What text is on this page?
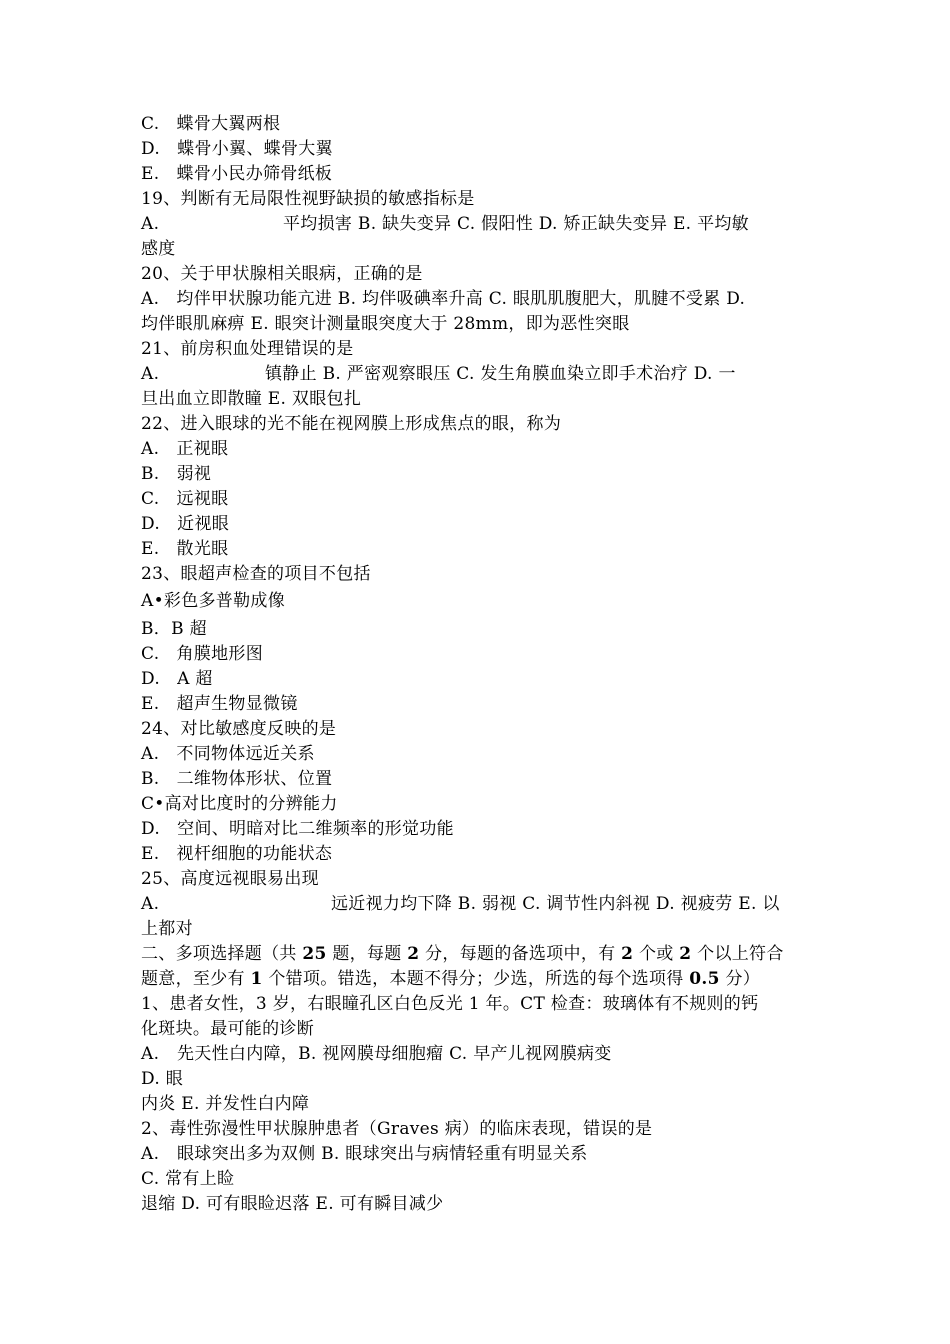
C.   蝶骨大翼两根
D.   蝶骨小翼、蝶骨大翼
E.   蝶骨小民办筛骨纸板
19、判断有无局限性视野缺损的敏感指标是
A.	平均损害 B. 缺失变异 C. 假阳性 D. 矫正缺失变异 E. 平均敏
感度
20、关于甲状腺相关眼病，正确的是
A.   均伴甲状腺功能亢进 B. 均伴吸碘率升高 C. 眼肌肌腹肥大，肌腱不受累 D.
均伴眼肌麻痹 E. 眼突计测量眼突度大于 28mm，即为恶性突眼
21、前房积血处理错误的是
A.	镇静止 B. 严密观察眼压 C. 发生角膜血染立即手术治疗 D. 一
旦出血立即散瞳 E. 双眼包扎
22、进入眼球的光不能在视网膜上形成焦点的眼，称为
A.   正视眼
B.   弱视
C.   远视眼
D.   近视眼
E.   散光眼
23、眼超声检查的项目不包括
A•彩色多普勒成像
B．B 超
C.   角膜地形图
D.   A 超
E.   超声生物显微镜
24、对比敏感度反映的是
A.   不同物体远近关系
B.   二维物体形状、位置
C•高对比度时的分辨能力
D.   空间、明暗对比二维频率的形觉功能
E.   视杆细胞的功能状态
25、高度远视眼易出现
A.	远近视力均下降 B. 弱视 C. 调节性内斜视 D. 视疲劳 E. 以
上都对
二、多项选择题（共 25 题，每题 2 分，每题的备选项中，有 2 个或 2 个以上符合
题意，至少有 1 个错项。错选，本题不得分；少选，所选的每个选项得 0.5 分）
1、患者女性，3 岁，右眼瞳孔区白色反光 1 年。CT 检查：玻璃体有不规则的钙
化斑块。最可能的诊断
A. 先天性白内障，B. 视网膜母细胞瘤 C. 早产儿视网膜病变
D. 眼
内炎 E. 并发性白内障
2、毒性弥漫性甲状腺肿患者（Graves 病）的临床表现，错误的是
A. 眼球突出多为双侧 B. 眼球突出与病情轻重有明显关系
C. 常有上睑
退缩 D. 可有眼睑迟落 E. 可有瞬目减少
